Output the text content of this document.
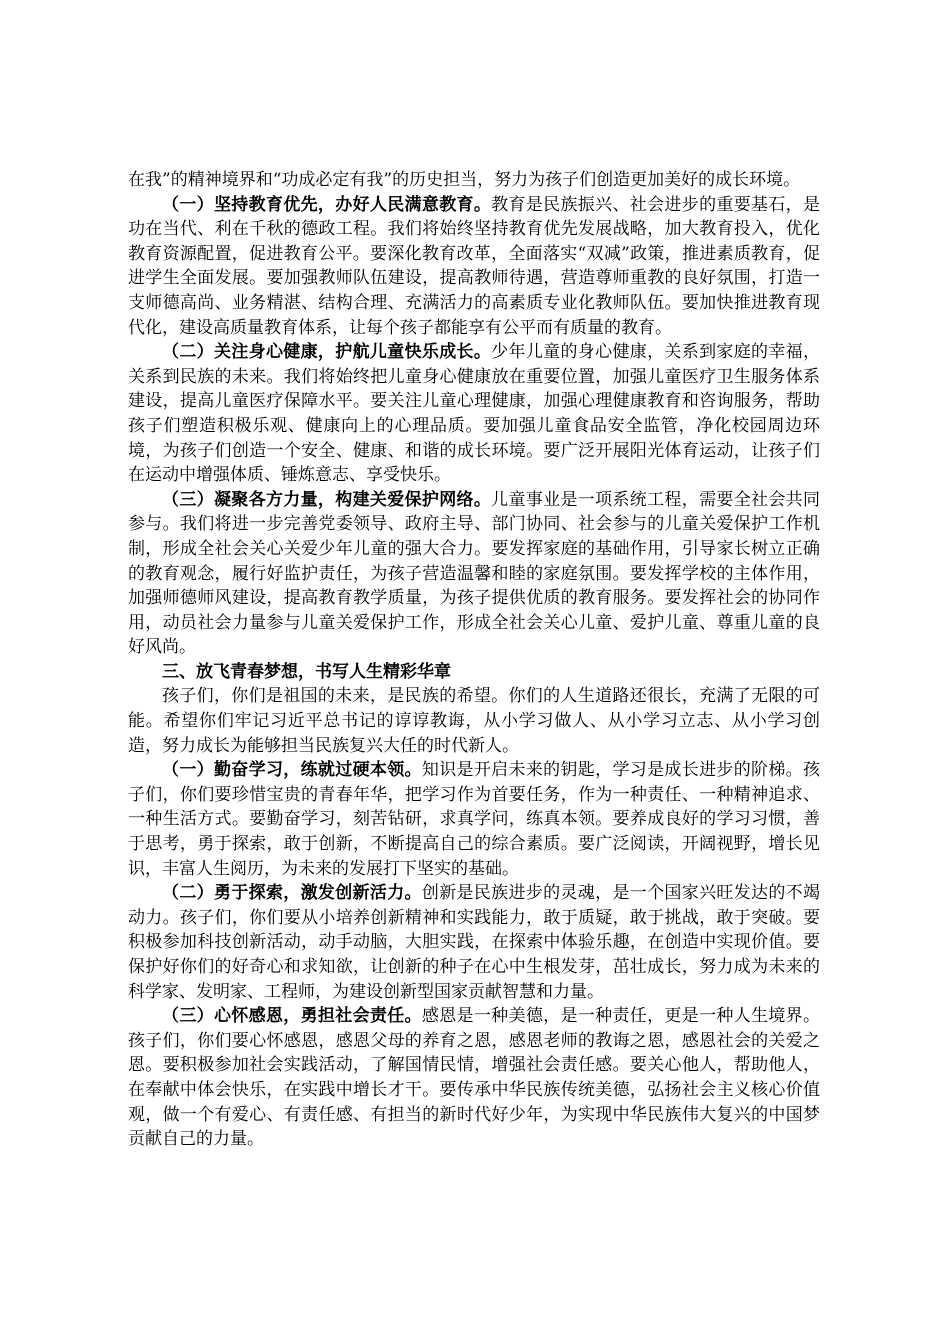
在我”的精神境界和“功成必定有我”的历史担当，努力为孩子们创造更加美好的成长环境。

（一）坚持教育优先，办好人民满意教育。教育是民族振兴、社会进步的重要基石，是功在当代、利在千秋的德政工程。我们将始终坚持教育优先发展战略，加大教育投入，优化教育资源配置，促进教育公平。要深化教育改革，全面落实“双减”政策，推进素质教育，促进学生全面发展。要加强教师队伍建设，提高教师待遇，营造尊师重教的良好氛围，打造一支师德高尚、业务精湛、结构合理、充满活力的高素质专业化教师队伍。要加快推进教育现代化，建设高质量教育体系，让每个孩子都能享有公平而有质量的教育。

（二）关注身心健康，护航儿童快乐成长。少年儿童的身心健康，关系到家庭的幸福，关系到民族的未来。我们将始终把儿童身心健康放在重要位置，加强儿童医疗卫生服务体系建设，提高儿童医疗保障水平。要关注儿童心理健康，加强心理健康教育和咨询服务，帮助孩子们塑造积极乐观、健康向上的心理品质。要加强儿童食品安全监管，净化校园周边环境，为孩子们创造一个安全、健康、和谐的成长环境。要广泛开展阳光体育运动，让孩子们在运动中增强体质、锤炼意志、享受快乐。

（三）凝聚各方力量，构建关爱保护网络。儿童事业是一项系统工程，需要全社会共同参与。我们将进一步完善党委领导、政府主导、部门协同、社会参与的儿童关爱保护工作机制，形成全社会关心关爱少年儿童的强大合力。要发挥家庭的基础作用，引导家长树立正确的教育观念，履行好监护责任，为孩子营造温馨和睦的家庭氛围。要发挥学校的主体作用，加强师德师风建设，提高教育教学质量，为孩子提供优质的教育服务。要发挥社会的协同作用，动员社会力量参与儿童关爱保护工作，形成全社会关心儿童、爱护儿童、尊重儿童的良好风尚。

三、放飞青春梦想，书写人生精彩华章

孩子们，你们是祖国的未来，是民族的希望。你们的人生道路还很长，充满了无限的可能。希望你们牢记习近平总书记的谆谆教诲，从小学习做人、从小学习立志、从小学习创造，努力成长为能够担当民族复兴大任的时代新人。

（一）勤奋学习，练就过硬本领。知识是开启未来的钥匙，学习是成长进步的阶梯。孩子们，你们要珍惜宝贵的青春年华，把学习作为首要任务，作为一种责任、一种精神追求、一种生活方式。要勤奋学习，刻苦钻研，求真学问，练真本领。要养成良好的学习习惯，善于思考，勇于探索，敢于创新，不断提高自己的综合素质。要广泛阅读，开阔视野，增长见识，丰富人生阅历，为未来的发展打下坚实的基础。

（二）勇于探索，激发创新活力。创新是民族进步的灵魂，是一个国家兴旺发达的不竭动力。孩子们，你们要从小培养创新精神和实践能力，敢于质疑，敢于挑战，敢于突破。要积极参加科技创新活动，动手动脑，大胆实践，在探索中体验乐趣，在创造中实现价值。要保护好你们的好奇心和求知欲，让创新的种子在心中生根发芽，茁壮成长，努力成为未来的科学家、发明家、工程师，为建设创新型国家贡献智慧和力量。

（三）心怀感恩，勇担社会责任。感恩是一种美德，是一种责任，更是一种人生境界。孩子们，你们要心怀感恩，感恩父母的养育之恩，感恩老师的教诲之恩，感恩社会的关爱之恩。要积极参加社会实践活动，了解国情民情，增强社会责任感。要关心他人，帮助他人，在奉献中体会快乐，在实践中增长才干。要传承中华民族传统美德，弘扬社会主义核心价值观，做一个有爱心、有责任感、有担当的新时代好少年，为实现中华民族伟大复兴的中国梦贡献自己的力量。
